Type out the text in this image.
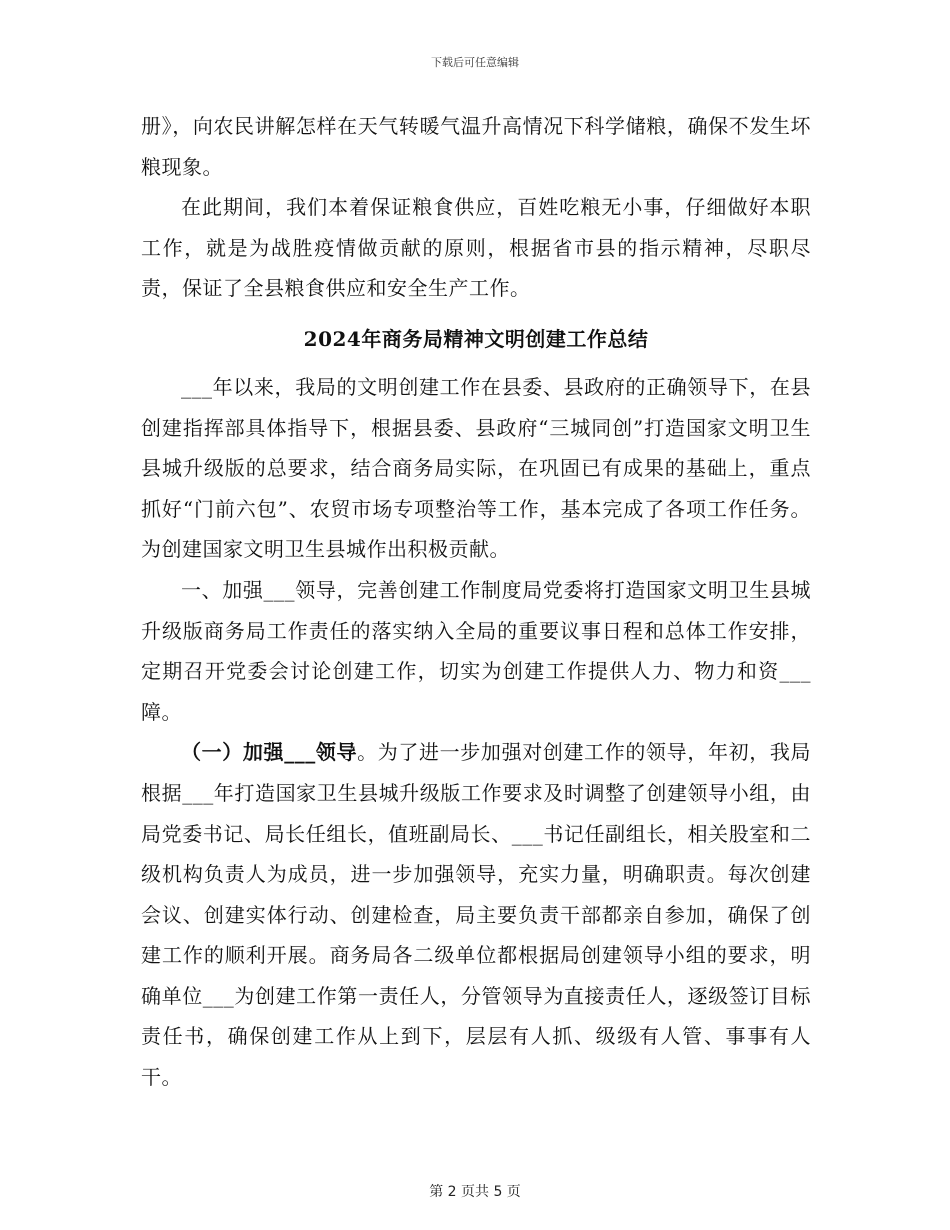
下载后可任意编辑

册》，向农民讲解怎样在天气转暖气温升高情况下科学储粮，确保不发生坏粮现象。

在此期间，我们本着保证粮食供应，百姓吃粮无小事，仔细做好本职工作，就是为战胜疫情做贡献的原则，根据省市县的指示精神，尽职尽责，保证了全县粮食供应和安全生产工作。

2024年商务局精神文明创建工作总结

___年以来，我局的文明创建工作在县委、县政府的正确领导下，在县创建指挥部具体指导下，根据县委、县政府“三城同创”打造国家文明卫生县城升级版的总要求，结合商务局实际，在巩固已有成果的基础上，重点抓好“门前六包”、农贸市场专项整治等工作，基本完成了各项工作任务。为创建国家文明卫生县城作出积极贡献。

一、加强___领导，完善创建工作制度局党委将打造国家文明卫生县城升级版商务局工作责任的落实纳入全局的重要议事日程和总体工作安排，定期召开党委会讨论创建工作，切实为创建工作提供人力、物力和资___障。

（一）加强___领导。为了进一步加强对创建工作的领导，年初，我局根据___年打造国家卫生县城升级版工作要求及时调整了创建领导小组，由局党委书记、局长任组长，值班副局长、___书记任副组长，相关股室和二级机构负责人为成员，进一步加强领导，充实力量，明确职责。每次创建会议、创建实体行动、创建检查，局主要负责干部都亲自参加，确保了创建工作的顺利开展。商务局各二级单位都根据局创建领导小组的要求，明确单位___为创建工作第一责任人，分管领导为直接责任人，逐级签订目标责任书，确保创建工作从上到下，层层有人抓、级级有人管、事事有人干。

第 2 页共 5 页
